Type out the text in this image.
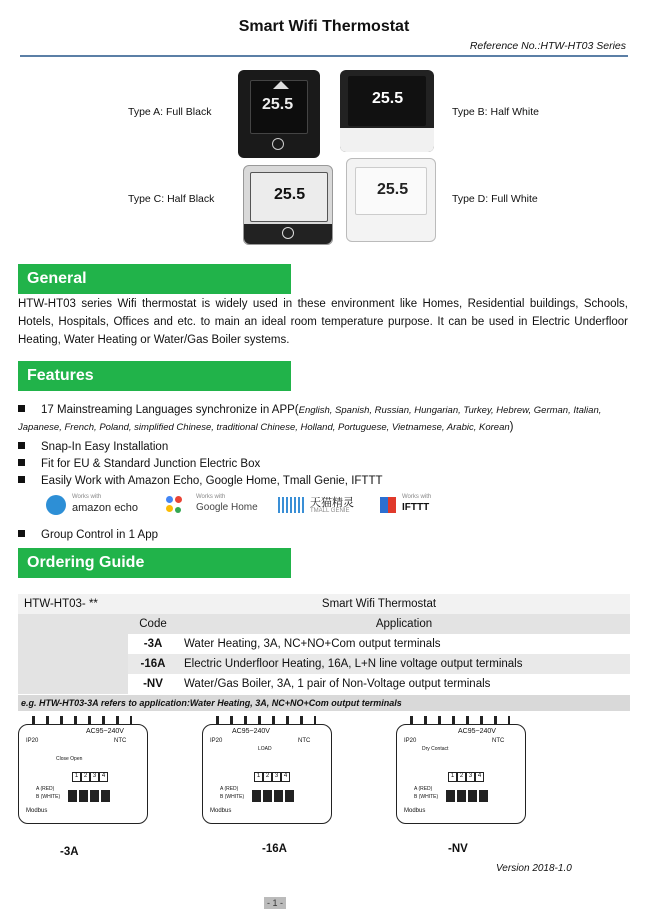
Smart Wifi Thermostat
Reference No.:HTW-HT03 Series
Type A: Full Black	25.5	25.5
Type B: Half White
Type C: Half Black	25.5	25.5
Type D: Full White
General
HTW-HT03 series Wifi thermostat is widely used in these environment like Homes, Residential buildings, Schools, Hotels, Hospitals, Offices and etc. to main an ideal room temperature purpose. It can be used in Electric Underfloor Heating, Water Heating or Water/Gas Boiler systems.
Features
17 Mainstreaming Languages synchronize in APP(English, Spanish, Russian, Hungarian, Turkey, Hebrew, German, Italian, Japanese, French, Poland, simplified Chinese, traditional Chinese, Holland, Portuguese, Vietnamese, Arabic, Korean)
Snap-In Easy Installation
Fit for EU & Standard Junction Electric Box
Easily Work with Amazon Echo, Google Home, Tmall Genie, IFTTT
Works with
amazon echo
Works with
Google Home	天猫精灵
TMALL GENIE
Works with
IFTTT
Group Control in 1 App
Ordering Guide
HTW-HT03- **	Smart Wifi Thermostat	
	Code	Application
	-3A	Water Heating, 3A, NC+NO+Com output terminals
	-16A	Electric Underfloor Heating, 16A, L+N line voltage output terminals
	-NV	Water/Gas Boiler, 3A, 1 pair of Non-Voltage output terminals
e.g. HTW-HT03-3A refers to application:Water Heating, 3A, NC+NO+Com output terminals
AC95~240V
IP20	NTC
Close Open
1 2 3 4
A (RED)
B (WHITE)
Modbus
-3A
AC95~240V
IP20	NTC
LOAD
1 2 3 4
A (RED)
B (WHITE)
Modbus
-16A
AC95~240V
IP20	NTC
Dry Contact
1 2 3 4
A (RED)
B (WHITE)
Modbus
-NV
- 1 -
Version 2018-1.0
